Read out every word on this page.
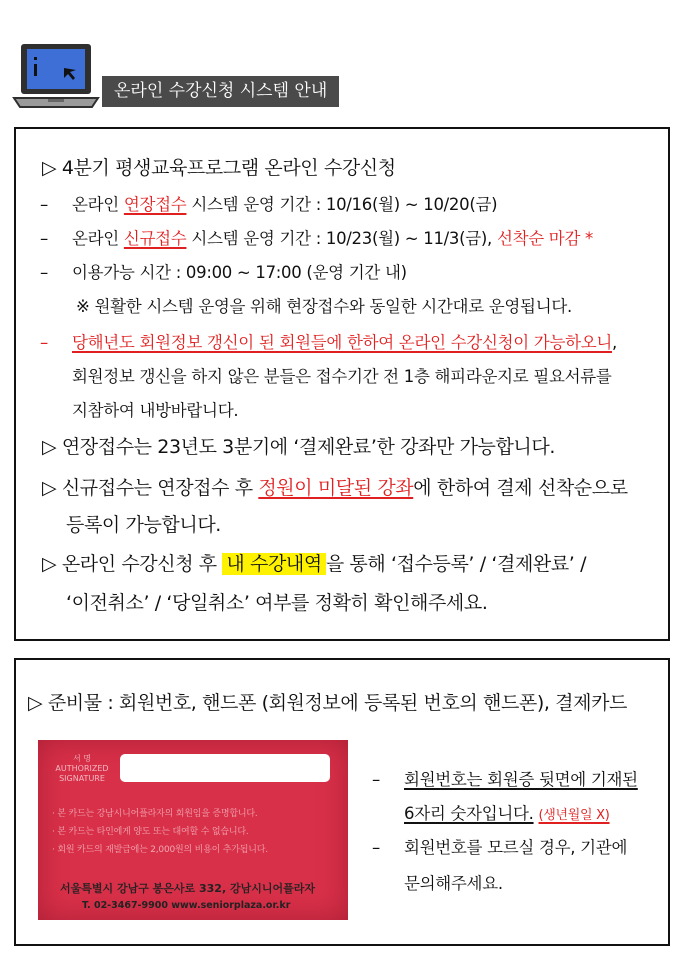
온라인 수강신청 시스템 안내
▷ 4분기 평생교육프로그램 온라인 수강신청
– 온라인 연장접수 시스템 운영 기간 : 10/16(월) ~ 10/20(금)
– 온라인 신규접수 시스템 운영 기간 : 10/23(월) ~ 11/3(금), 선착순 마감 *
– 이용가능 시간 : 09:00 ~ 17:00 (운영 기간 내)
※ 원활한 시스템 운영을 위해 현장접수와 동일한 시간대로 운영됩니다.
– 당해년도 회원정보 갱신이 된 회원들에 한하여 온라인 수강신청이 가능하오니,
회원정보 갱신을 하지 않은 분들은 접수기간 전 1층 해피라운지로 필요서류를
지참하여 내방바랍니다.
▷ 연장접수는 23년도 3분기에 ‘결제완료’한 강좌만 가능합니다.
▷ 신규접수는 연장접수 후 정원이 미달된 강좌에 한하여 결제 선착순으로
등록이 가능합니다.
▷ 온라인 수강신청 후 내 수강내역 을 통해 ‘접수등록’ / ‘결제완료’ /
‘이전취소’ / ‘당일취소’ 여부를 정확히 확인해주세요.
▷ 준비물 : 회원번호, 핸드폰 (회원정보에 등록된 번호의 핸드폰), 결제카드
서 명 AUTHORIZED SIGNATURE
· 본 카드는 강남시니어플라자의 회원임을 증명합니다.
· 본 카드는 타인에게 양도 또는 대여할 수 없습니다.
· 회원 카드의 재발급에는 2,000원의 비용이 추가됩니다.
서울특별시 강남구 봉은사로 332, 강남시니어플라자
T. 02-3467-9900 www.seniorplaza.or.kr
– 회원번호는 회원증 뒷면에 기재된
6자리 숫자입니다. (생년월일 X)
– 회원번호를 모르실 경우, 기관에
문의해주세요.
